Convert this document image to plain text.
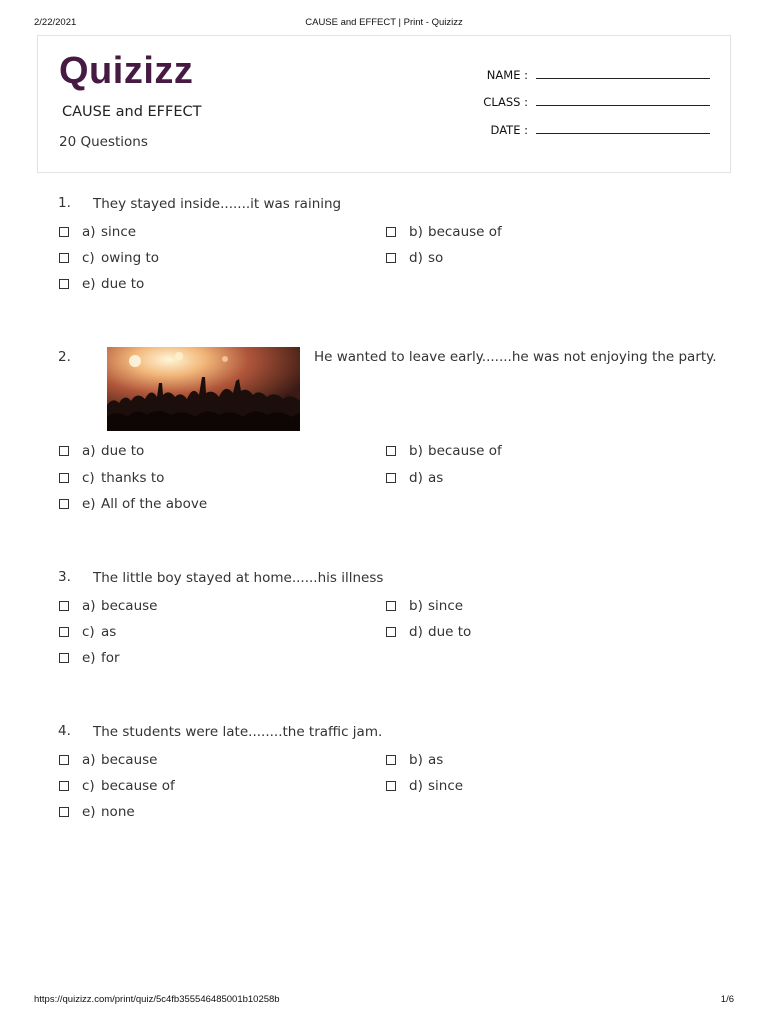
2/22/2021	CAUSE and EFFECT | Print - Quizizz
Quizizz
CAUSE and EFFECT
20 Questions
NAME :
CLASS :
DATE :
1. They stayed inside.......it was raining
a) since	b) because of
c) owing to	d) so
e) due to
2.	He wanted to leave early.......he was not enjoying the party.
a) due to	b) because of
c) thanks to	d) as
e) All of the above
3. The little boy stayed at home......his illness
a) because	b) since
c) as	d) due to
e) for
4. The students were late........the traffic jam.
a) because	b) as
c) because of	d) since
e) none
https://quizizz.com/print/quiz/5c4fb355546485001b10258b	1/6
